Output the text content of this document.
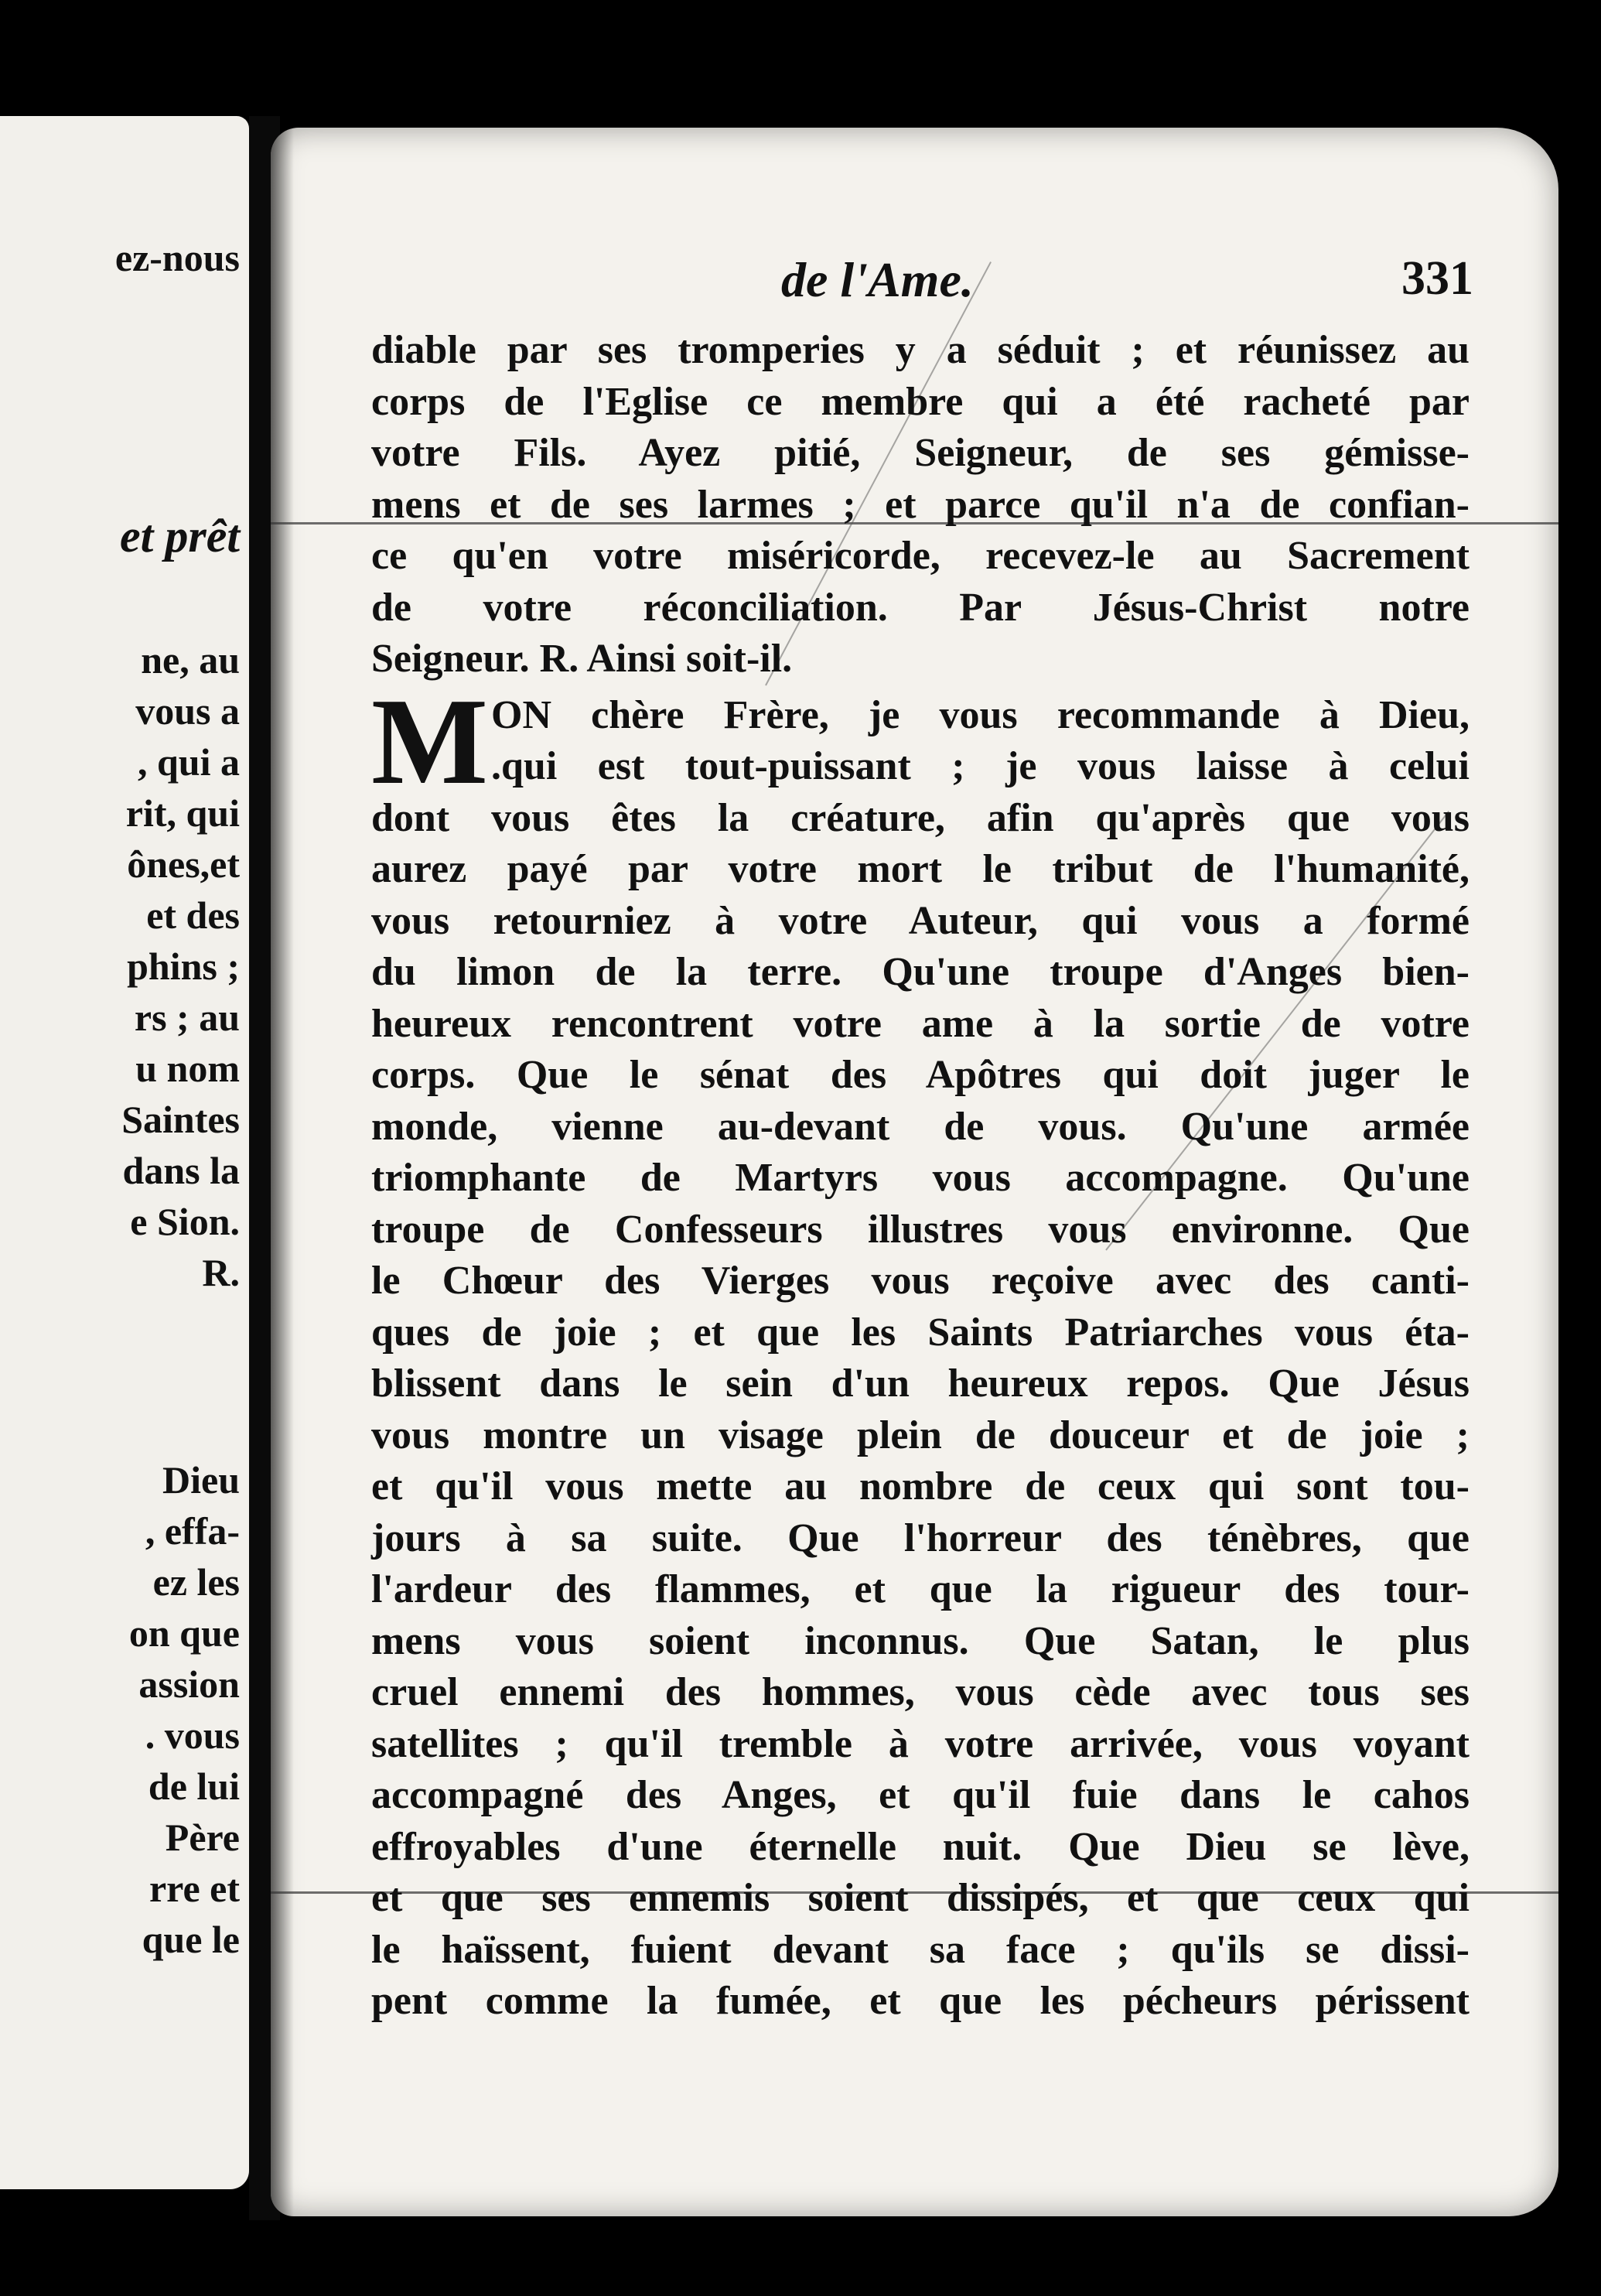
ez-nous

et prêt

ne, au

vous a

, qui a

rit, qui

ônes,et

et des

phins ;

rs ; au

u nom

Saintes

dans la

e Sion.

R.

Dieu

, effa-

ez les

on que

assion

. vous

de lui

Père

rre et

que le

de l'Ame.	331
diable par ses tromperies y a séduit ; et réunissez au
corps de l'Eglise ce membre qui a été racheté par
votre Fils. Ayez pitié, Seigneur, de ses gémisse-
mens et de ses larmes ; et parce qu'il n'a de confian-
ce qu'en votre miséricorde, recevez-le au Sacrement
de votre réconciliation. Par Jésus-Christ notre
Seigneur. R. Ainsi soit-il.
M ON chère Frère, je vous recommande à Dieu,
.qui est tout-puissant ; je vous laisse à celui
dont vous êtes la créature, afin qu'après que vous
aurez payé par votre mort le tribut de l'humanité,
vous retourniez à votre Auteur, qui vous a formé
du limon de la terre. Qu'une troupe d'Anges bien-
heureux rencontrent votre ame à la sortie de votre
corps. Que le sénat des Apôtres qui doit juger le
monde, vienne au-devant de vous. Qu'une armée
triomphante de Martyrs vous accompagne. Qu'une
troupe de Confesseurs illustres vous environne. Que
le Chœur des Vierges vous reçoive avec des canti-
ques de joie ; et que les Saints Patriarches vous éta-
blissent dans le sein d'un heureux repos. Que Jésus
vous montre un visage plein de douceur et de joie ;
et qu'il vous mette au nombre de ceux qui sont tou-
jours à sa suite. Que l'horreur des ténèbres, que
l'ardeur des flammes, et que la rigueur des tour-
mens vous soient inconnus. Que Satan, le plus
cruel ennemi des hommes, vous cède avec tous ses
satellites ; qu'il tremble à votre arrivée, vous voyant
accompagné des Anges, et qu'il fuie dans le cahos
effroyables d'une éternelle nuit. Que Dieu se lève,
et que ses ennemis soient dissipés, et que ceux qui
le haïssent, fuient devant sa face ; qu'ils se dissi-
pent comme la fumée, et que les pécheurs périssent
